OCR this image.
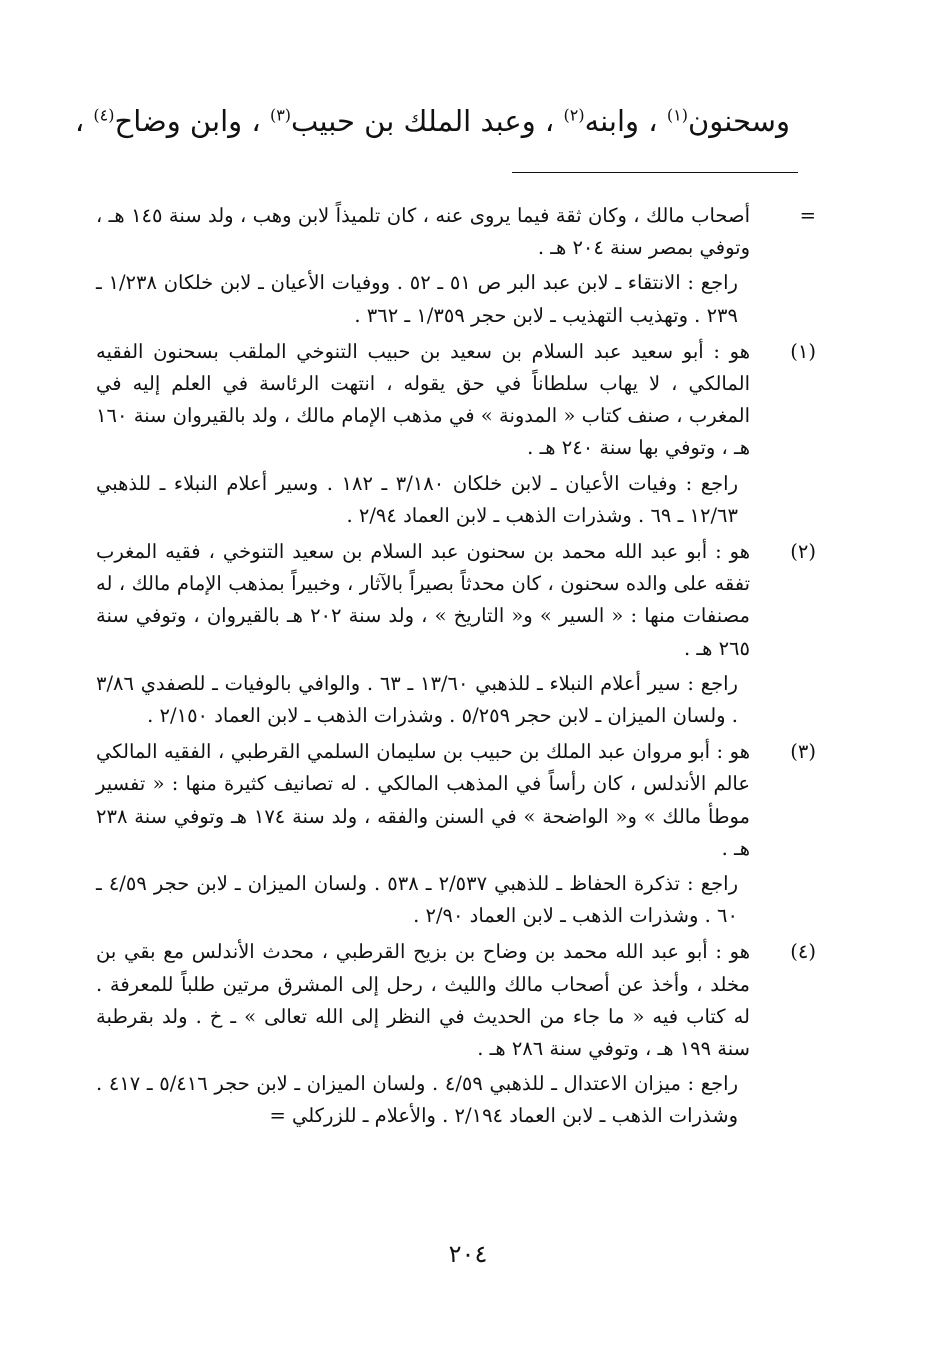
وسحنون$^{(١)}$ ، وابنه$^{(٢)}$ ، وعبد الملك بن حبيب$^{(٣)}$ ، وابن وضاح$^{(٤)}$ ،
=

أصحاب مالك ، وكان ثقة فيما يروى عنه ، كان تلميذاً لابن وهب ، ولد سنة ١٤٥ هـ ، وتوفي بمصر سنة ٢٠٤ هـ .

راجع : الانتقاء ـ لابن عبد البر ص ٥١ ـ ٥٢ . ووفيات الأعيان ـ لابن خلكان ١/٢٣٨ ـ ٢٣٩ . وتهذيب التهذيب ـ لابن حجر ١/٣٥٩ ـ ٣٦٢ .

(١)

هو : أبو سعيد عبد السلام بن سعيد بن حبيب التنوخي الملقب بسحنون الفقيه المالكي ، لا يهاب سلطاناً في حق يقوله ، انتهت الرئاسة في العلم إليه في المغرب ، صنف كتاب « المدونة » في مذهب الإمام مالك ، ولد بالقيروان سنة ١٦٠ هـ ، وتوفي بها سنة ٢٤٠ هـ .

راجع : وفيات الأعيان ـ لابن خلكان ٣/١٨٠ ـ ١٨٢ . وسير أعلام النبلاء ـ للذهبي ١٢/٦٣ ـ ٦٩ . وشذرات الذهب ـ لابن العماد ٢/٩٤ .

(٢)

هو : أبو عبد الله محمد بن سحنون عبد السلام بن سعيد التنوخي ، فقيه المغرب تفقه على والده سحنون ، كان محدثاً بصيراً بالآثار ، وخبيراً بمذهب الإمام مالك ، له مصنفات منها : « السير » و« التاريخ » ، ولد سنة ٢٠٢ هـ بالقيروان ، وتوفي سنة ٢٦٥ هـ .

راجع : سير أعلام النبلاء ـ للذهبي ١٣/٦٠ ـ ٦٣ . والوافي بالوفيات ـ للصفدي ٣/٨٦ . ولسان الميزان ـ لابن حجر ٥/٢٥٩ . وشذرات الذهب ـ لابن العماد ٢/١٥٠ .

(٣)

هو : أبو مروان عبد الملك بن حبيب بن سليمان السلمي القرطبي ، الفقيه المالكي عالم الأندلس ، كان رأساً في المذهب المالكي . له تصانيف كثيرة منها : « تفسير موطأ مالك » و« الواضحة » في السنن والفقه ، ولد سنة ١٧٤ هـ وتوفي سنة ٢٣٨ هـ .

راجع : تذكرة الحفاظ ـ للذهبي ٢/٥٣٧ ـ ٥٣٨ . ولسان الميزان ـ لابن حجر ٤/٥٩ ـ ٦٠ . وشذرات الذهب ـ لابن العماد ٢/٩٠ .

(٤)

هو : أبو عبد الله محمد بن وضاح بن بزيح القرطبي ، محدث الأندلس مع بقي بن مخلد ، وأخذ عن أصحاب مالك والليث ، رحل إلى المشرق مرتين طلباً للمعرفة . له كتاب فيه « ما جاء من الحديث في النظر إلى الله تعالى » ـ خ . ولد بقرطبة سنة ١٩٩ هـ ، وتوفي سنة ٢٨٦ هـ .

راجع : ميزان الاعتدال ـ للذهبي ٤/٥٩ . ولسان الميزان ـ لابن حجر ٥/٤١٦ ـ ٤١٧ . وشذرات الذهب ـ لابن العماد ٢/١٩٤ . والأعلام ـ للزركلي =

٢٠٤
